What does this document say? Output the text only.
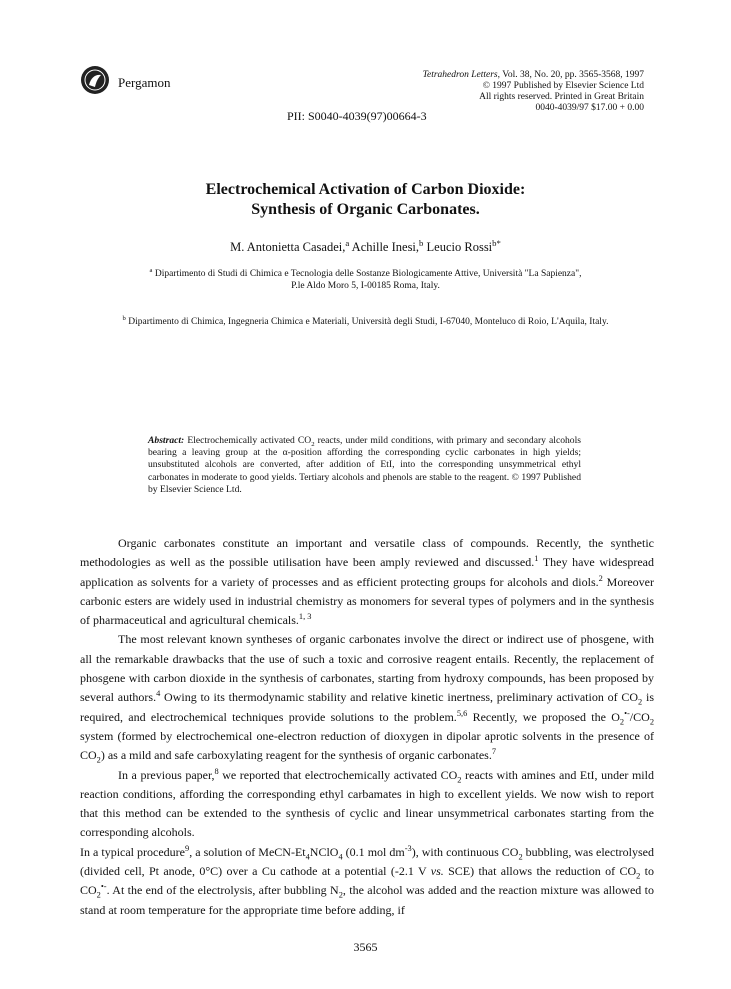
Pergamon	Tetrahedron Letters, Vol. 38, No. 20, pp. 3565-3568, 1997
© 1997 Published by Elsevier Science Ltd
All rights reserved. Printed in Great Britain
0040-4039/97 $17.00 + 0.00
PII: S0040-4039(97)00664-3
Electrochemical Activation of Carbon Dioxide:
Synthesis of Organic Carbonates.
M. Antonietta Casadei,$^a$ Achille Inesi,$^b$ Leucio Rossi$^{b*}$
$^a$ Dipartimento di Studi di Chimica e Tecnologia delle Sostanze Biologicamente Attive, Università "La Sapienza",
P.le Aldo Moro 5, I-00185 Roma, Italy.
$^b$ Dipartimento di Chimica, Ingegneria Chimica e Materiali, Università degli Studi, I-67040, Monteluco di Roio, L'Aquila, Italy.
Abstract: Electrochemically activated $CO_2$ reacts, under mild conditions, with primary and secondary alcohols bearing a leaving group at the α-position affording the corresponding cyclic carbonates in high yields; unsubstituted alcohols are converted, after addition of EtI, into the corresponding unsymmetrical ethyl carbonates in moderate to good yields. Tertiary alcohols and phenols are stable to the reagent. © 1997 Published by Elsevier Science Ltd.

Organic carbonates constitute an important and versatile class of compounds. Recently, the synthetic methodologies as well as the possible utilisation have been amply reviewed and discussed.$^1$ They have widespread application as solvents for a variety of processes and as efficient protecting groups for alcohols and diols.$^2$ Moreover carbonic esters are widely used in industrial chemistry as monomers for several types of polymers and in the synthesis of pharmaceutical and agricultural chemicals.$^{1, 3}$

The most relevant known syntheses of organic carbonates involve the direct or indirect use of phosgene, with all the remarkable drawbacks that the use of such a toxic and corrosive reagent entails. Recently, the replacement of phosgene with carbon dioxide in the synthesis of carbonates, starting from hydroxy compounds, has been proposed by several authors.$^4$ Owing to its thermodynamic stability and relative kinetic inertness, preliminary activation of $CO_2$ is required, and electrochemical techniques provide solutions to the problem.$^{5,6}$ Recently, we proposed the $O_2^{•-}/CO_2$ system (formed by electrochemical one-electron reduction of dioxygen in dipolar aprotic solvents in the presence of $CO_2$) as a mild and safe carboxylating reagent for the synthesis of organic carbonates.$^7$

In a previous paper,$^8$ we reported that electrochemically activated $CO_2$ reacts with amines and EtI, under mild reaction conditions, affording the corresponding ethyl carbamates in high to excellent yields. We now wish to report that this method can be extended to the synthesis of cyclic and linear unsymmetrical carbonates starting from the corresponding alcohols.

In a typical procedure$^9$, a solution of MeCN-$Et_4NClO_4$ (0.1 mol $dm^{-3}$), with continuous $CO_2$ bubbling, was electrolysed (divided cell, Pt anode, 0°C) over a Cu cathode at a potential (-2.1 V vs. SCE) that allows the reduction of $CO_2$ to $CO_2^{•-}$. At the end of the electrolysis, after bubbling $N_2$, the alcohol was added and the reaction mixture was allowed to stand at room temperature for the appropriate time before adding, if

3565
